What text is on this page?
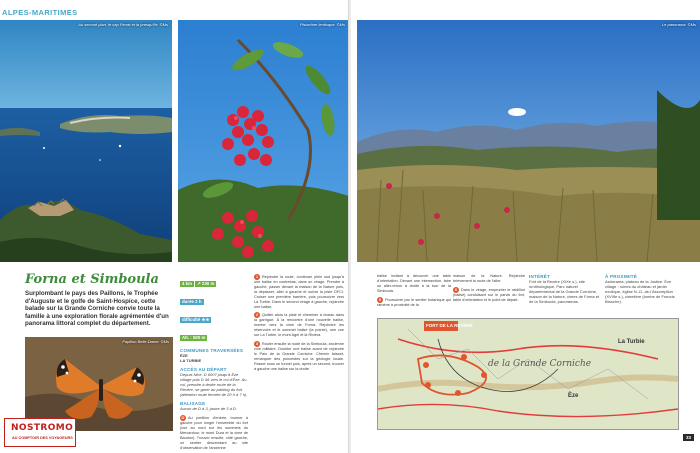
ALPES-MARITIMES
Au second plan, le cap Ferrat et la presqu'île. ©Ms	Pistachier lentisque. ©Ms
Forna et Simboula
Surplombant le pays des Paillons, le Trophée d'Auguste et le golfe de Saint-Hospice, cette balade sur la Grande Corniche convie toute la famille à une exploration florale agrémentée d'un panorama littoral complet du département.
Papillon Belle-Dame. ©Ms
4 km ↗ 230 m
durée 2 h
difficulté ★★
Alt. : 500 m
COMMUNES TRAVERSÉES
ÈZE
LA TURBIE
ACCÈS AU DÉPART
Depuis Nice, D 6007 jusqu'à Èze village puis D 46 vers le col d'Èze. Au col, prendre à droite route de la Revère, se garer au parking du fort (attention route fermée de 20 h à 7 h).
BALISAGE
Aucun de D à 3, jaune de 3 à D.
D Au portillon d'entrée, tourner à gauche pour longer l'ensemble du fort (vue au nord sur les sommets du Mercantour, le mont Dura et la cime de Baudon). Trouver ensuite, côté gauche, un sentier descendant au site d'observation de l'ancienne
1 Rejoindre la route, continuer plein sud jusqu'à une balise en contrebas, dans un virage. Prendre à gauche, passer devant la maison de la Nature puis, la dépasser, aller à gauche et suivre la piste DFCI. Croiser une première barrière, puis poursuivre vers La Turbie. Dans le second virage à gauche, rejoindre une balise.
2 Quitter alors la piste et cheminer à niveau dans la garrigue. À la rencontre d'une nouvelle balise, monter vers la cime de Forna. Rejoindre les réservoirs et le sommet balisé (la pointe), une vue sur La Turbie, le mont Agel et la Riviera.
3 Rouler ensuite la route de la Simboula, ancienne voie militaire. Doubler une balise avant de rejoindre le Parc de la Grande Corniche. Chemin faisant, remarquer des poncestes sur la géologie locale. Passer sous un tunnel puis, après un second, trouver à gauche une balise sur la droite.
NOSTROMO
AU COMPTOIR DES VOYAGEURS
Le panorama. ©Ms
balise invitant à découvrir une table d'orientation. Devant une intersection, faire un aller-retour à droite à la tour de la Simboula.
5 Poursuivre par le sentier botanique qui ramène à proximité de la
maison de la Nature. Rejoindre brièvement la route de l'aller.
6 Dans le virage, emprunter le raidillon (balisé) conduisant sur le parvis du fort, table d'orientation et le point de départ.
INTÉRÊT
Fort de la Revère (XIXe s.), site ornithologique, Parc naturel départemental de la Grande Corniche, maison de la Nature, cimes de Forna et de la Simboula, panoramas.
À PROXIMITÉ
Astrorama, plateau de la Justice. Èze village : ruines du château et jardin exotique, église N.-D.-de-l'Assomption (XVIIIe s.), cimetière (tombe de Francis Blanche).
FORT DE LA REVÈRE
de la Grande Corniche
Èze
La Turbie
33
